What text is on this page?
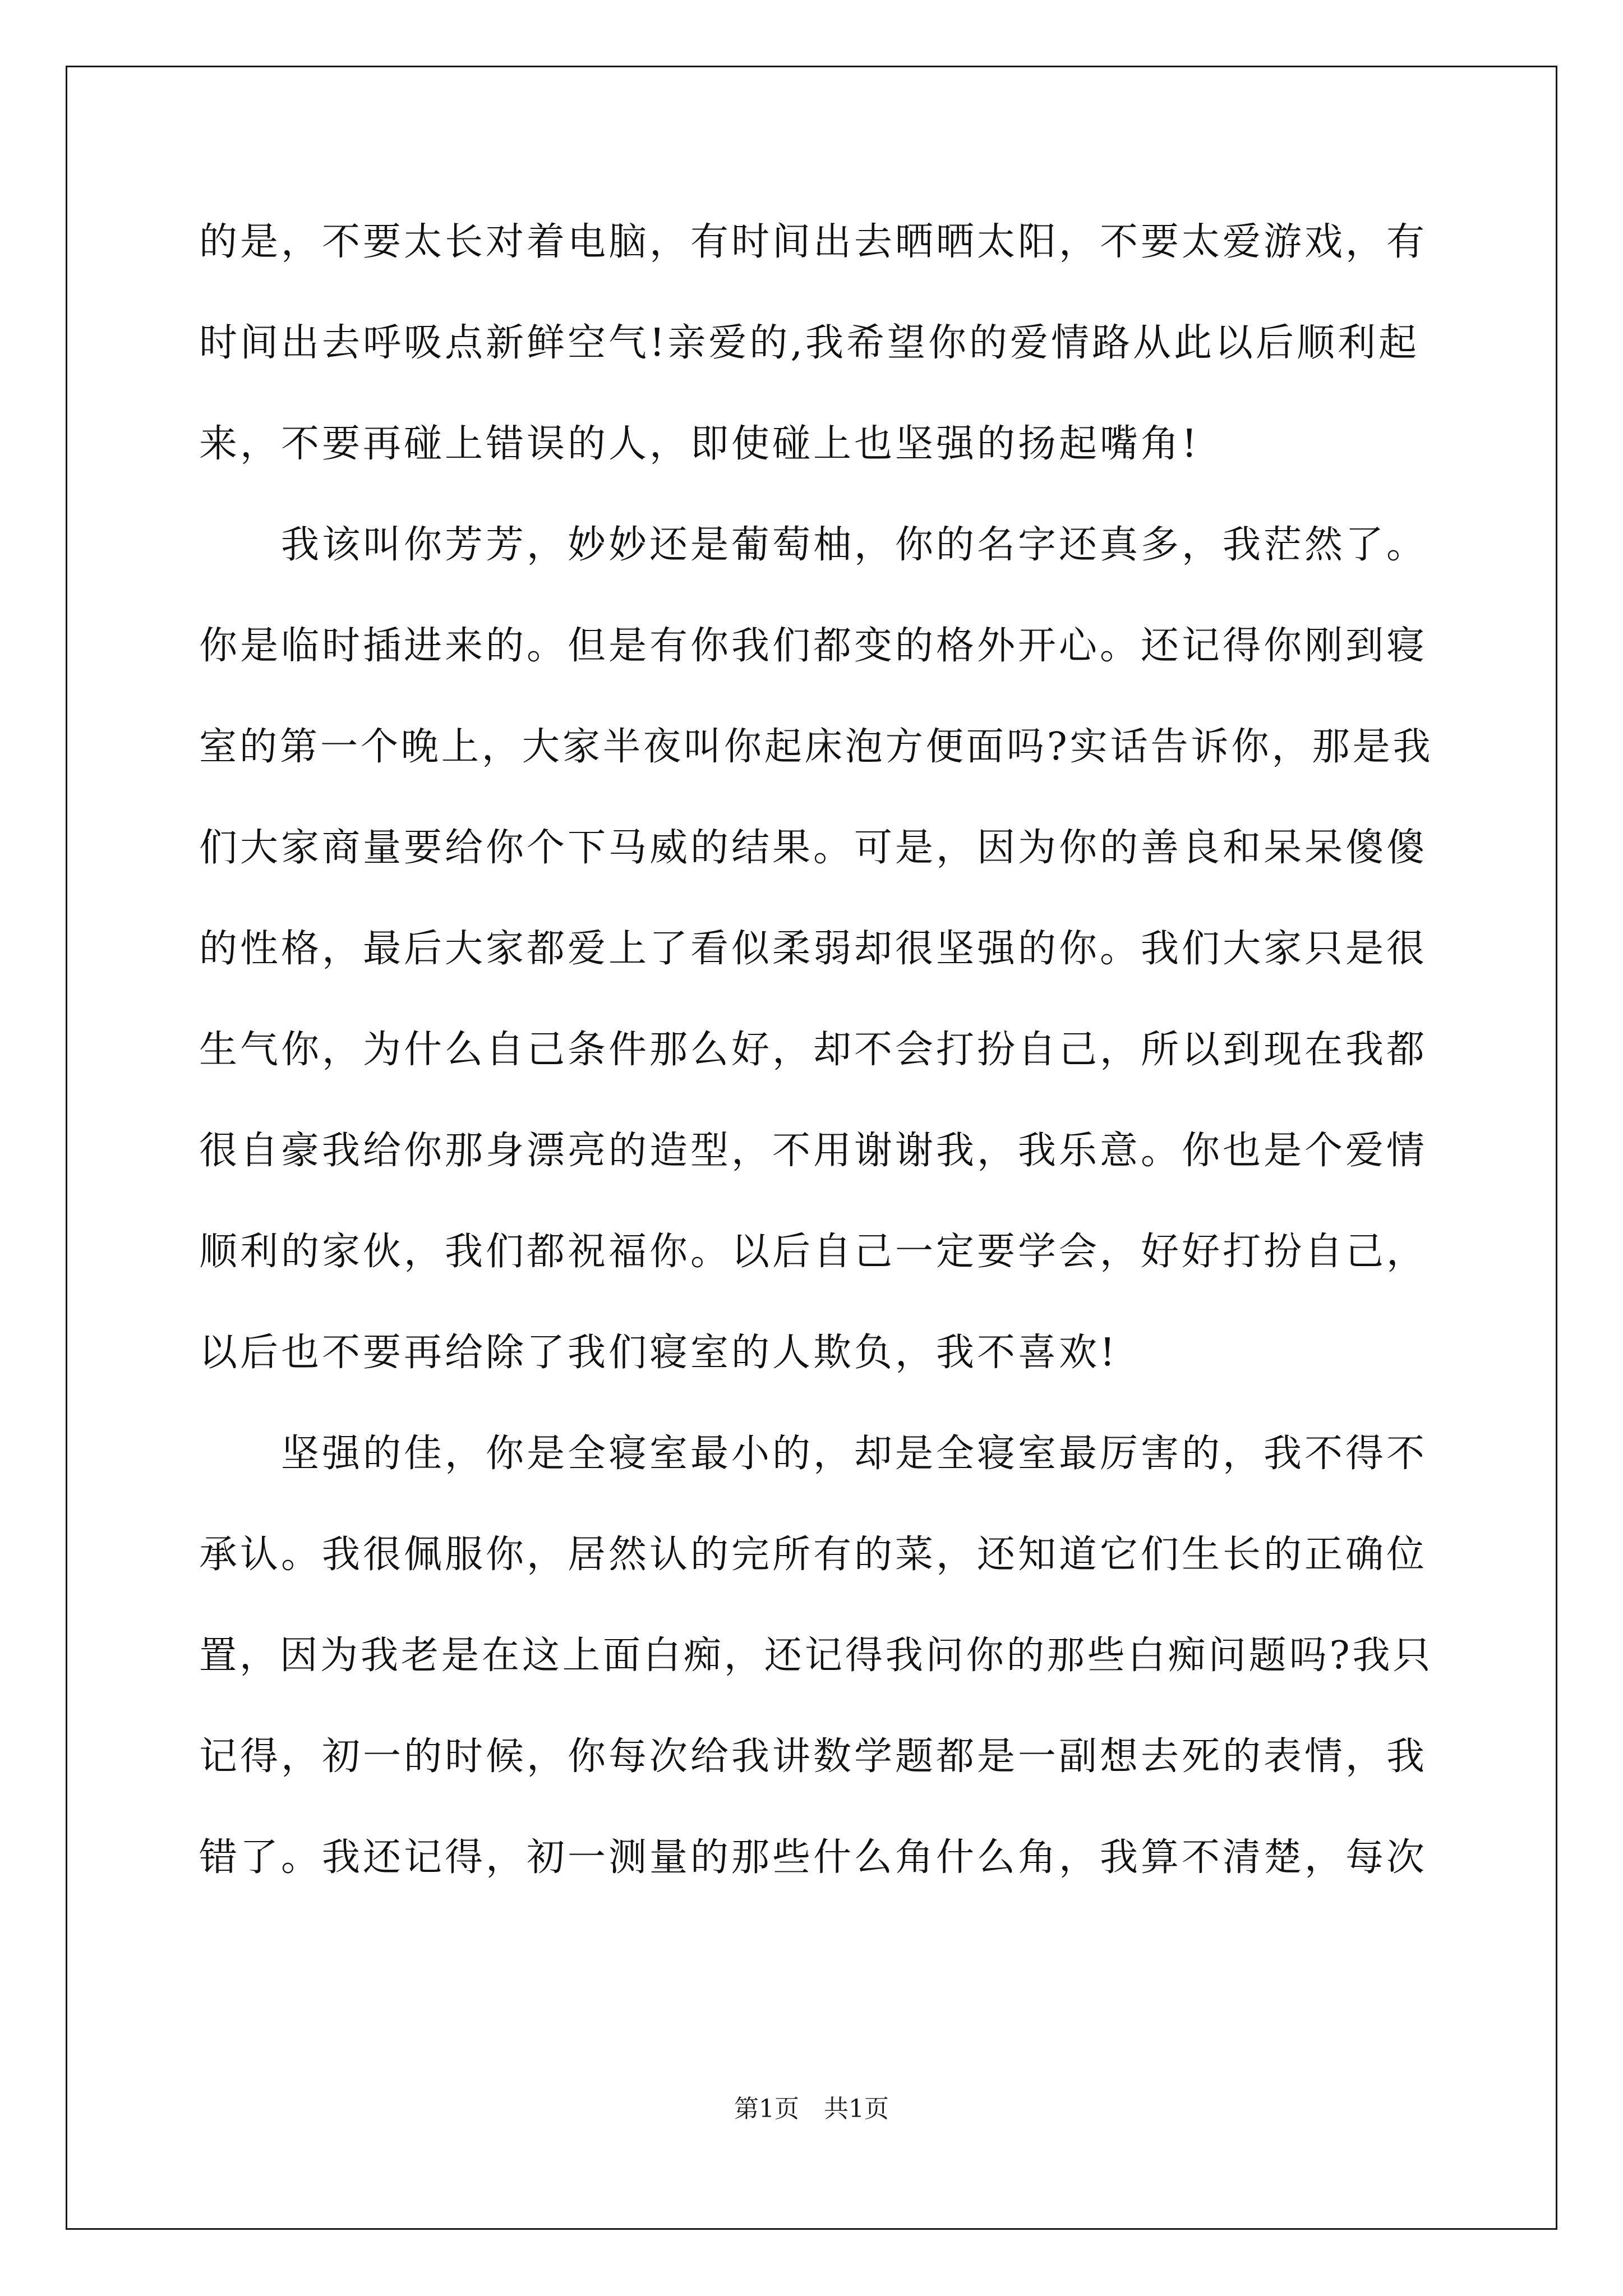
的是，不要太长对着电脑，有时间出去晒晒太阳，不要太爱游戏，有
时间出去呼吸点新鲜空气!亲爱的,我希望你的爱情路从此以后顺利起
来，不要再碰上错误的人，即使碰上也坚强的扬起嘴角!
　　我该叫你芳芳，妙妙还是葡萄柚，你的名字还真多，我茫然了。
你是临时插进来的。但是有你我们都变的格外开心。还记得你刚到寝
室的第一个晚上，大家半夜叫你起床泡方便面吗?实话告诉你，那是我
们大家商量要给你个下马威的结果。可是，因为你的善良和呆呆傻傻
的性格，最后大家都爱上了看似柔弱却很坚强的你。我们大家只是很
生气你，为什么自己条件那么好，却不会打扮自己，所以到现在我都
很自豪我给你那身漂亮的造型，不用谢谢我，我乐意。你也是个爱情
顺利的家伙，我们都祝福你。以后自己一定要学会，好好打扮自己，
以后也不要再给除了我们寝室的人欺负，我不喜欢!
　　坚强的佳，你是全寝室最小的，却是全寝室最厉害的，我不得不
承认。我很佩服你，居然认的完所有的菜，还知道它们生长的正确位
置，因为我老是在这上面白痴，还记得我问你的那些白痴问题吗?我只
记得，初一的时候，你每次给我讲数学题都是一副想去死的表情，我
错了。我还记得，初一测量的那些什么角什么角，我算不清楚，每次
第1页　共1页
